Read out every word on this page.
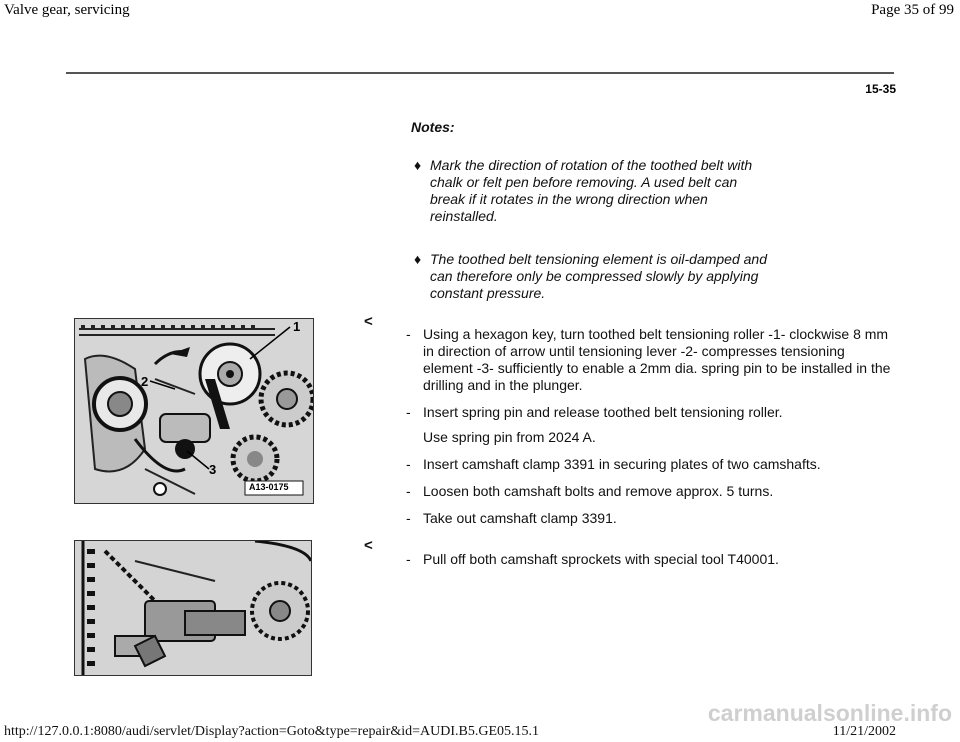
Valve gear, servicing	Page 35 of 99
15-35
Notes:
♦ Mark the direction of rotation of the toothed belt with chalk or felt pen before removing. A used belt can break if it rotates in the wrong direction when reinstalled.
♦ The toothed belt tensioning element is oil-damped and can therefore only be compressed slowly by applying constant pressure.
1
2
3
A13-0175
<
- Using a hexagon key, turn toothed belt tensioning roller -1- clockwise 8 mm in direction of arrow until tensioning lever -2- compresses tensioning element -3- sufficiently to enable a 2mm dia. spring pin to be installed in the drilling and in the plunger.
- Insert spring pin and release toothed belt tensioning roller.
Use spring pin from 2024 A.
- Insert camshaft clamp 3391 in securing plates of two camshafts.
- Loosen both camshaft bolts and remove approx. 5 turns.
- Take out camshaft clamp 3391.
<
- Pull off both camshaft sprockets with special tool T40001.
http://127.0.0.1:8080/audi/servlet/Display?action=Goto&type=repair&id=AUDI.B5.GE05.15.1
carmanualsonline.info
11/21/2002
